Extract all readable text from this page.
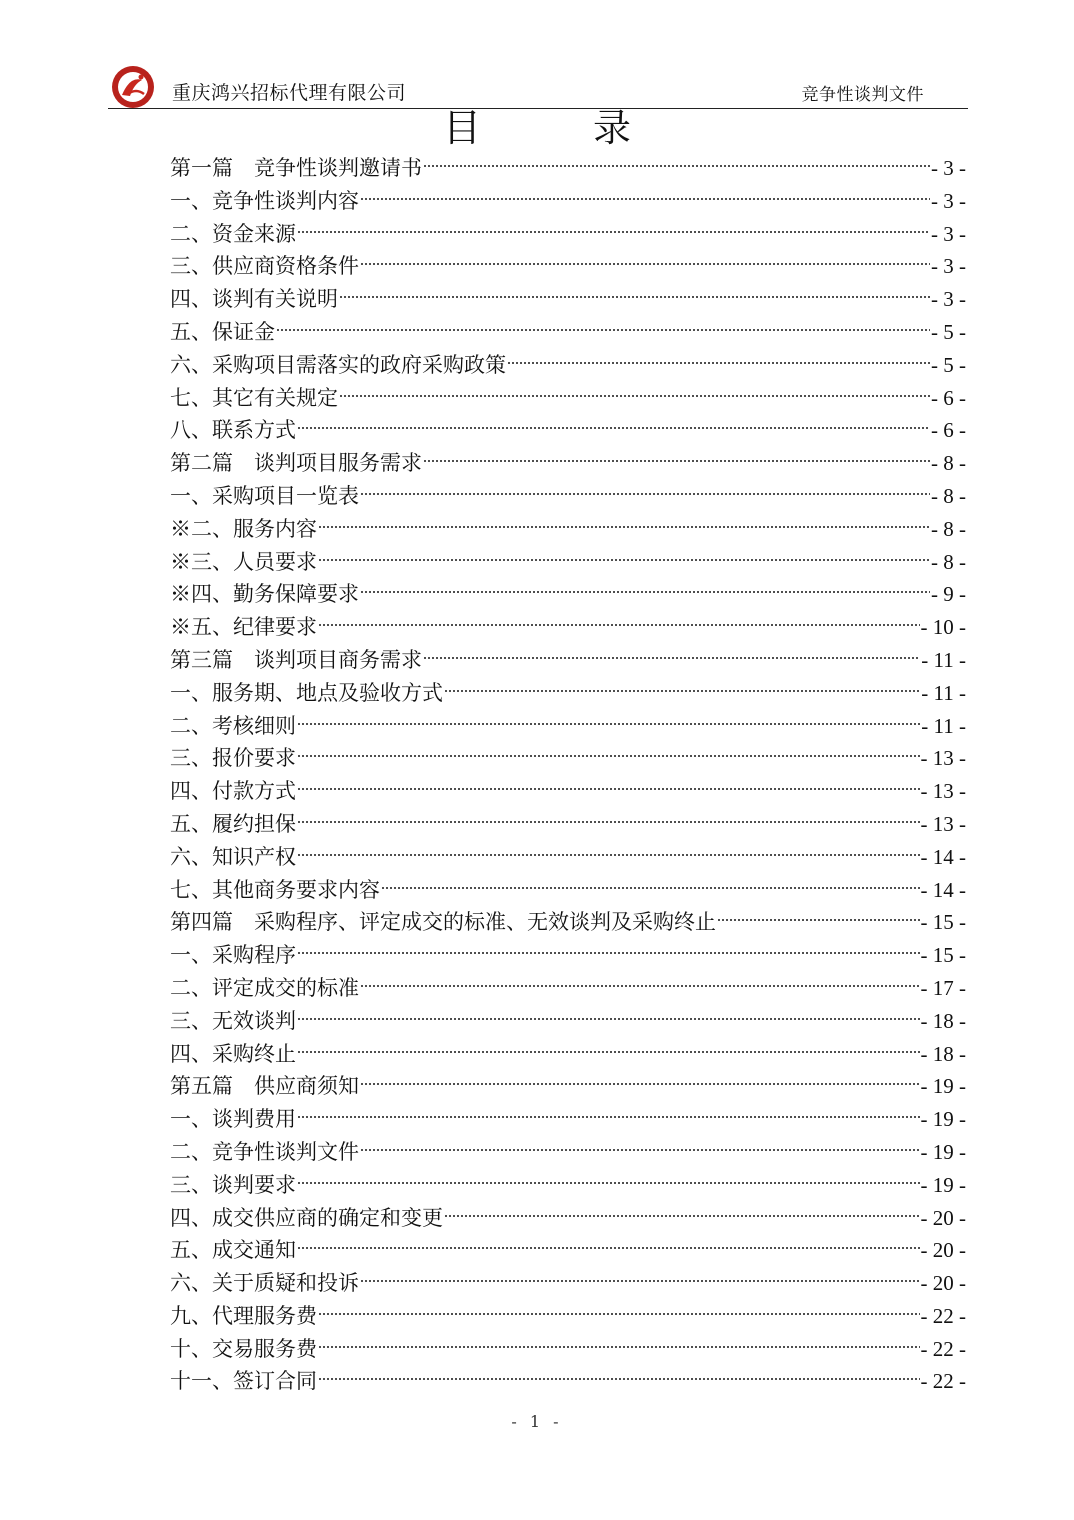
重庆鸿兴招标代理有限公司	竞争性谈判文件
目 录
第一篇　竞争性谈判邀请书	- 3 -
一、竞争性谈判内容	- 3 -
二、资金来源	- 3 -
三、供应商资格条件	- 3 -
四、谈判有关说明	- 3 -
五、保证金	- 5 -
六、采购项目需落实的政府采购政策	- 5 -
七、其它有关规定	- 6 -
八、联系方式	- 6 -
第二篇　谈判项目服务需求	- 8 -
一、采购项目一览表	- 8 -
※二、服务内容	- 8 -
※三、人员要求	- 8 -
※四、勤务保障要求	- 9 -
※五、纪律要求	- 10 -
第三篇　谈判项目商务需求	- 11 -
一、服务期、地点及验收方式	- 11 -
二、考核细则	- 11 -
三、报价要求	- 13 -
四、付款方式	- 13 -
五、履约担保	- 13 -
六、知识产权	- 14 -
七、其他商务要求内容	- 14 -
第四篇　采购程序、评定成交的标准、无效谈判及采购终止	- 15 -
一、采购程序	- 15 -
二、评定成交的标准	- 17 -
三、无效谈判	- 18 -
四、采购终止	- 18 -
第五篇　供应商须知	- 19 -
一、谈判费用	- 19 -
二、竞争性谈判文件	- 19 -
三、谈判要求	- 19 -
四、成交供应商的确定和变更	- 20 -
五、成交通知	- 20 -
六、关于质疑和投诉	- 20 -
九、代理服务费	- 22 -
十、交易服务费	- 22 -
十一、签订合同	- 22 -
- 1 -
